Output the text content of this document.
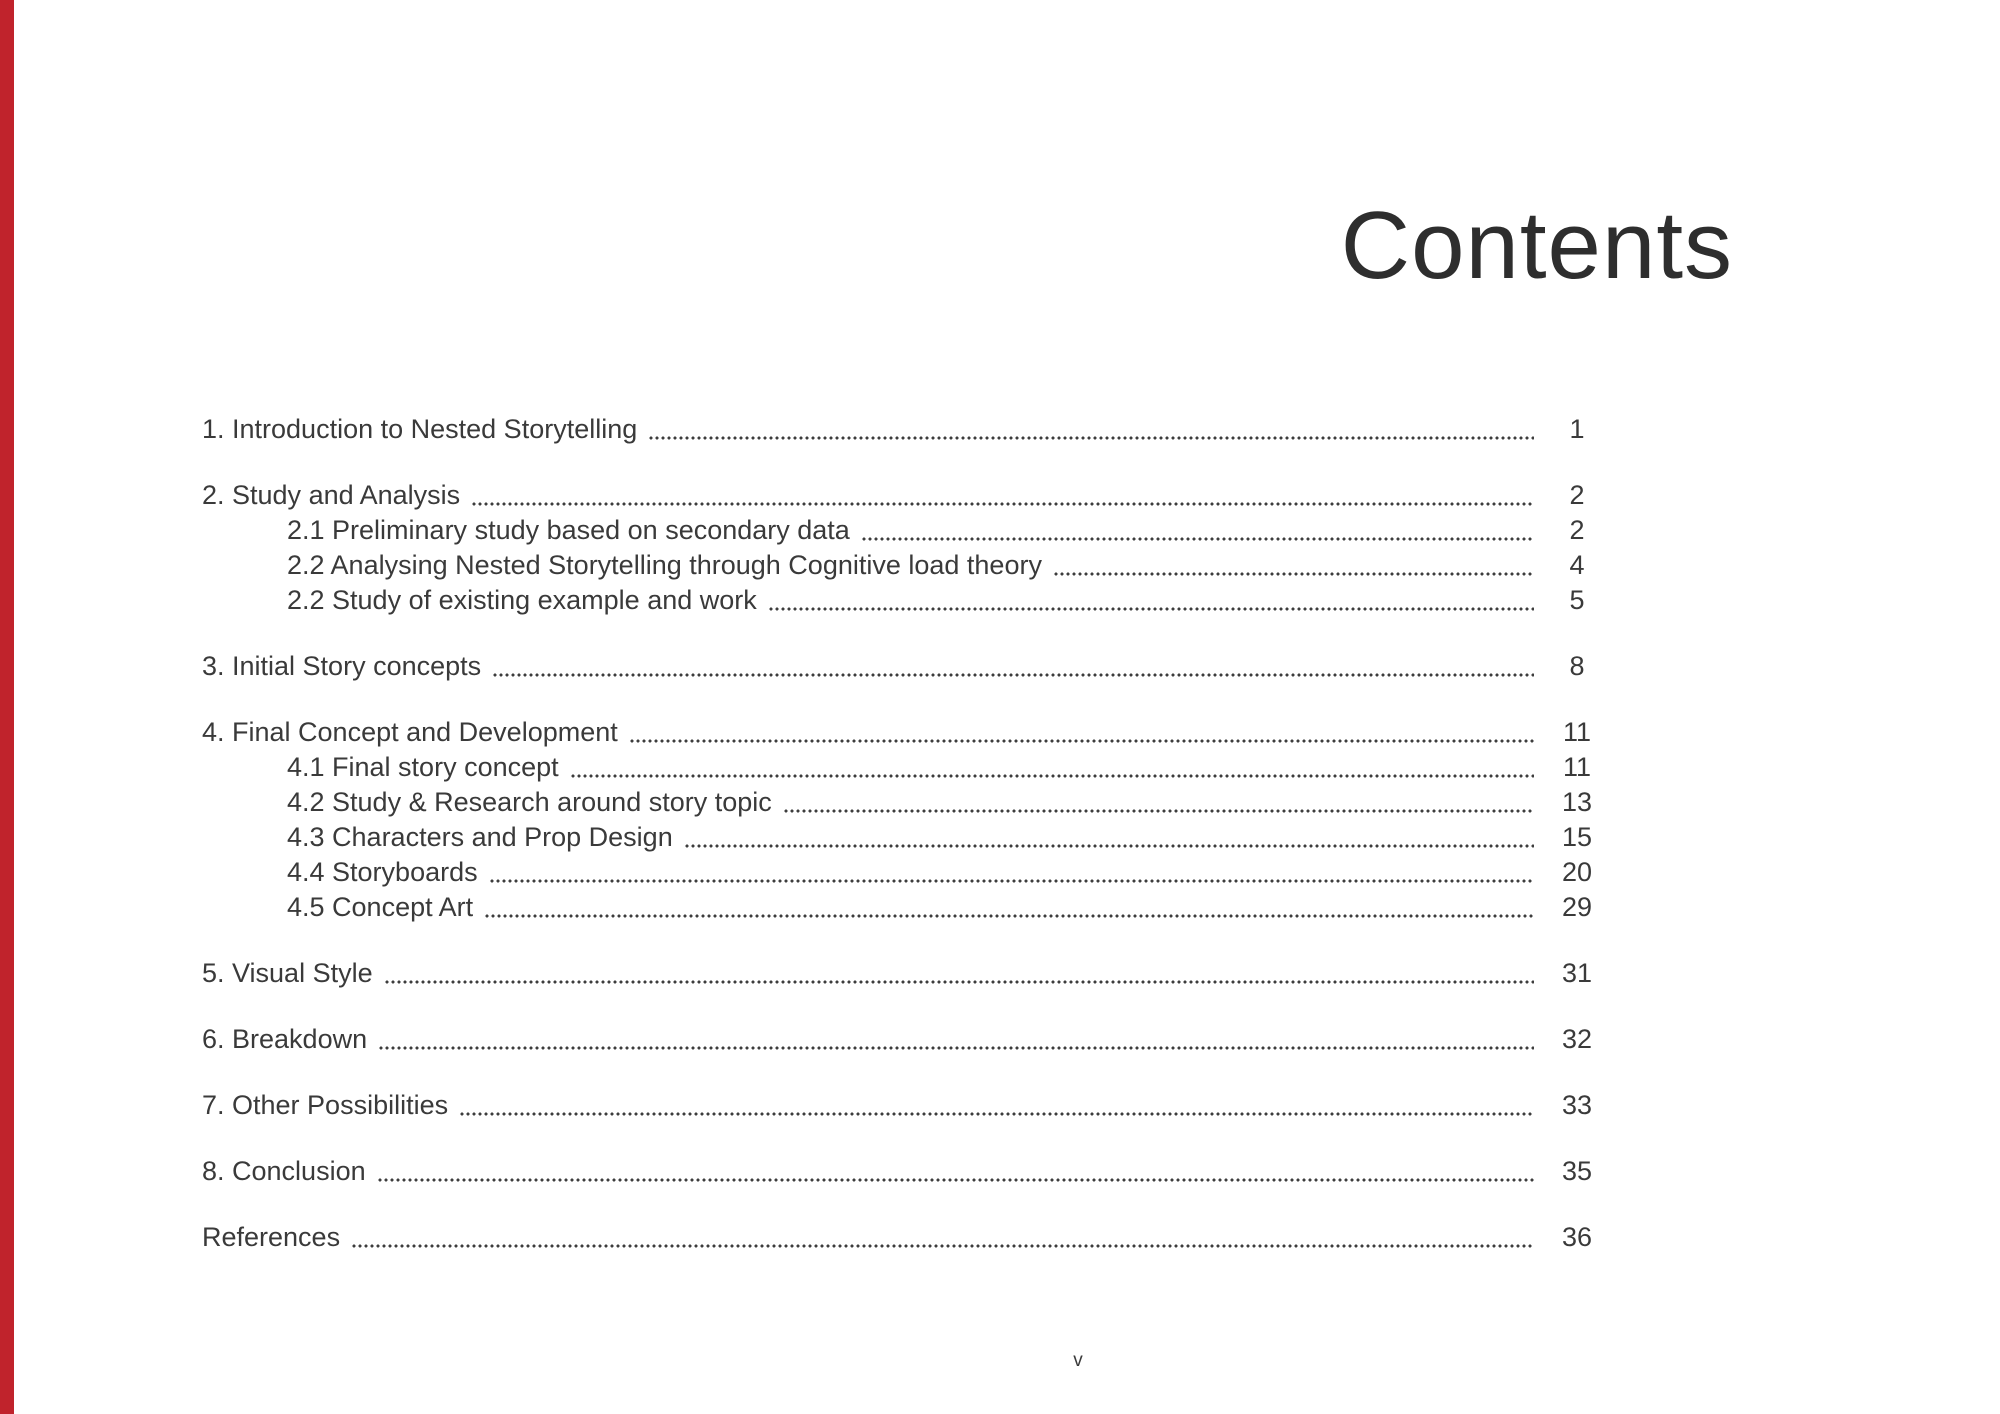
Contents
1. Introduction to Nested Storytelling	1
2. Study and Analysis	2
2.1 Preliminary study based on secondary data	2
2.2 Analysing Nested Storytelling through Cognitive load theory	4
2.2 Study of existing example and work	5
3. Initial Story concepts	8
4. Final Concept and Development	11
4.1 Final story concept	11
4.2 Study & Research around story topic	13
4.3 Characters and Prop Design	15
4.4 Storyboards	20
4.5 Concept Art	29
5. Visual Style	31
6. Breakdown	32
7. Other Possibilities	33
8. Conclusion	35
References	36
v
